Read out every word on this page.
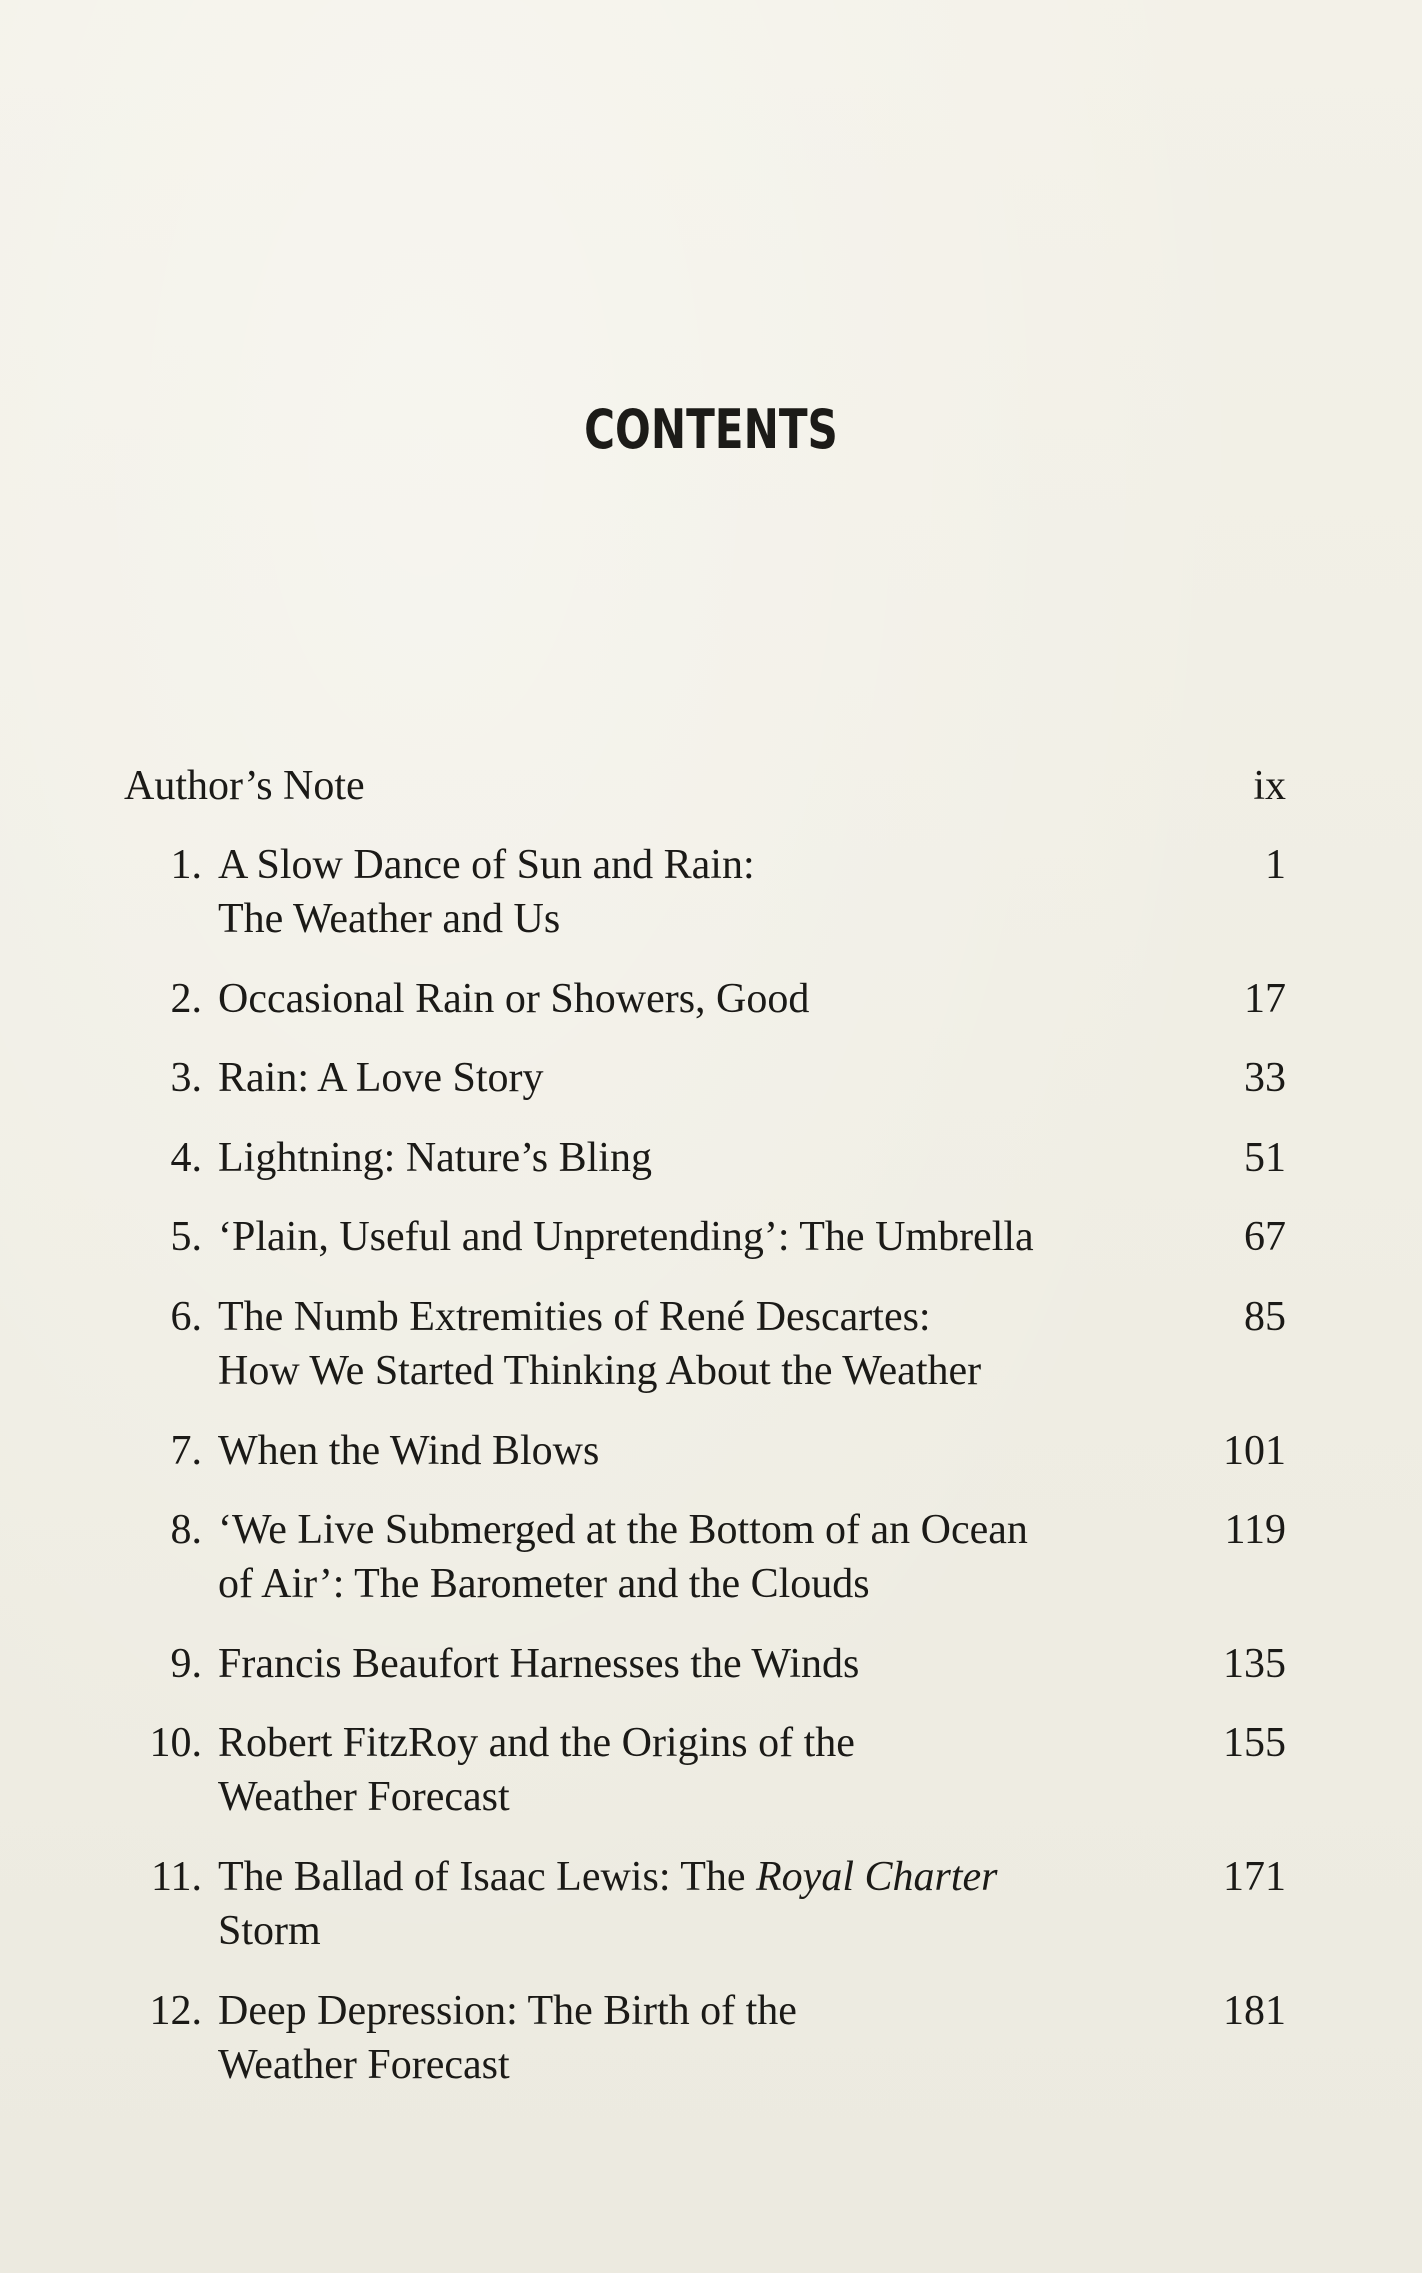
CONTENTS
Author’s Note	ix
1. A Slow Dance of Sun and Rain:	1
The Weather and Us
2. Occasional Rain or Showers, Good	17
3. Rain: A Love Story	33
4. Lightning: Nature’s Bling	51
5. ‘Plain, Useful and Unpretending’: The Umbrella	67
6. The Numb Extremities of René Descartes:	85
How We Started Thinking About the Weather
7. When the Wind Blows	101
8. ‘We Live Submerged at the Bottom of an Ocean	119
of Air’: The Barometer and the Clouds
9. Francis Beaufort Harnesses the Winds	135
10. Robert FitzRoy and the Origins of the	155
Weather Forecast
11. The Ballad of Isaac Lewis: The Royal Charter	171
Storm
12. Deep Depression: The Birth of the	181
Weather Forecast
